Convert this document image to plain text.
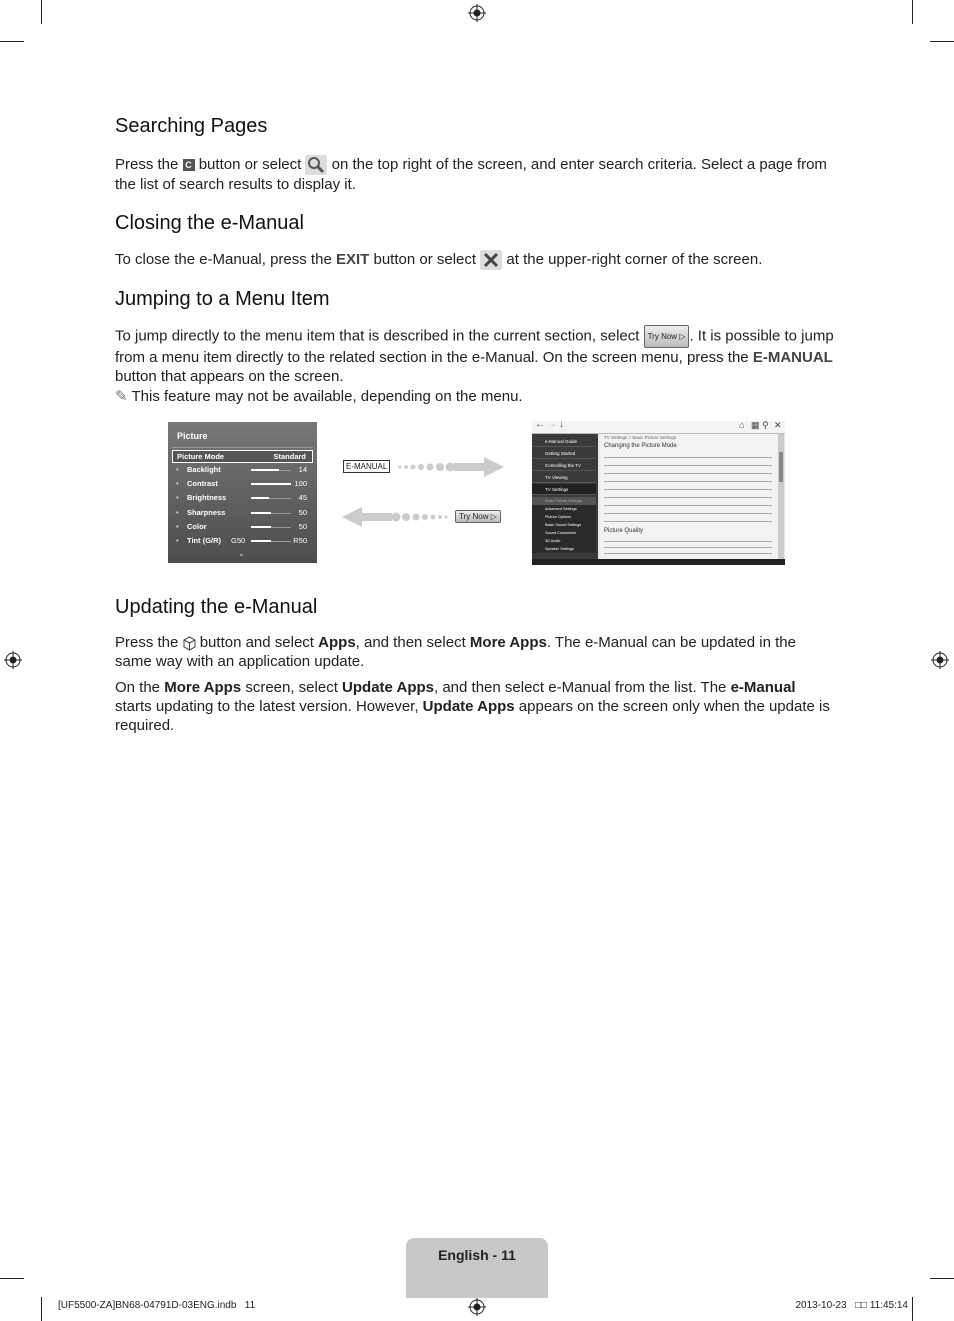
Searching Pages
Press the C button or select on the top right of the screen, and enter search criteria. Select a page from the list of search results to display it.
Closing the e-Manual
To close the e-Manual, press the EXIT button or select at the upper-right corner of the screen.
Jumping to a Menu Item
To jump directly to the menu item that is described in the current section, select Try Now ▷ . It is possible to jump from a menu item directly to the related section in the e-Manual. On the screen menu, press the E-MANUAL button that appears on the screen.
✎ This feature may not be available, depending on the menu.
Picture
Picture Mode	Standard
• Backlight	14
• Contrast	100
• Brightness	45
• Sharpness	50
• Color	50
• Tint (G/R) G50	R50
⌄
E-MANUAL
Try Now ▷
← → ↓	⌂ ▦ ⚲ ✕
e-Manual Guide
Getting Started
Controlling the TV
TV Viewing
TV Settings
Basic Picture Settings
Advanced Settings
Picture Options
Basic Sound Settings
Sound Customizer
3D Audio
Speaker Settings
TV Settings > Basic Picture Settings
Changing the Picture Mode
Picture Quality
Updating the e-Manual
Press the button and select Apps, and then select More Apps. The e-Manual can be updated in the same way with an application update.
On the More Apps screen, select Update Apps, and then select e-Manual from the list. The e-Manual starts updating to the latest version. However, Update Apps appears on the screen only when the update is required.
English - 11
[UF5500-ZA]BN68-04791D-03ENG.indb   11	2013-10-23   □□ 11:45:14
